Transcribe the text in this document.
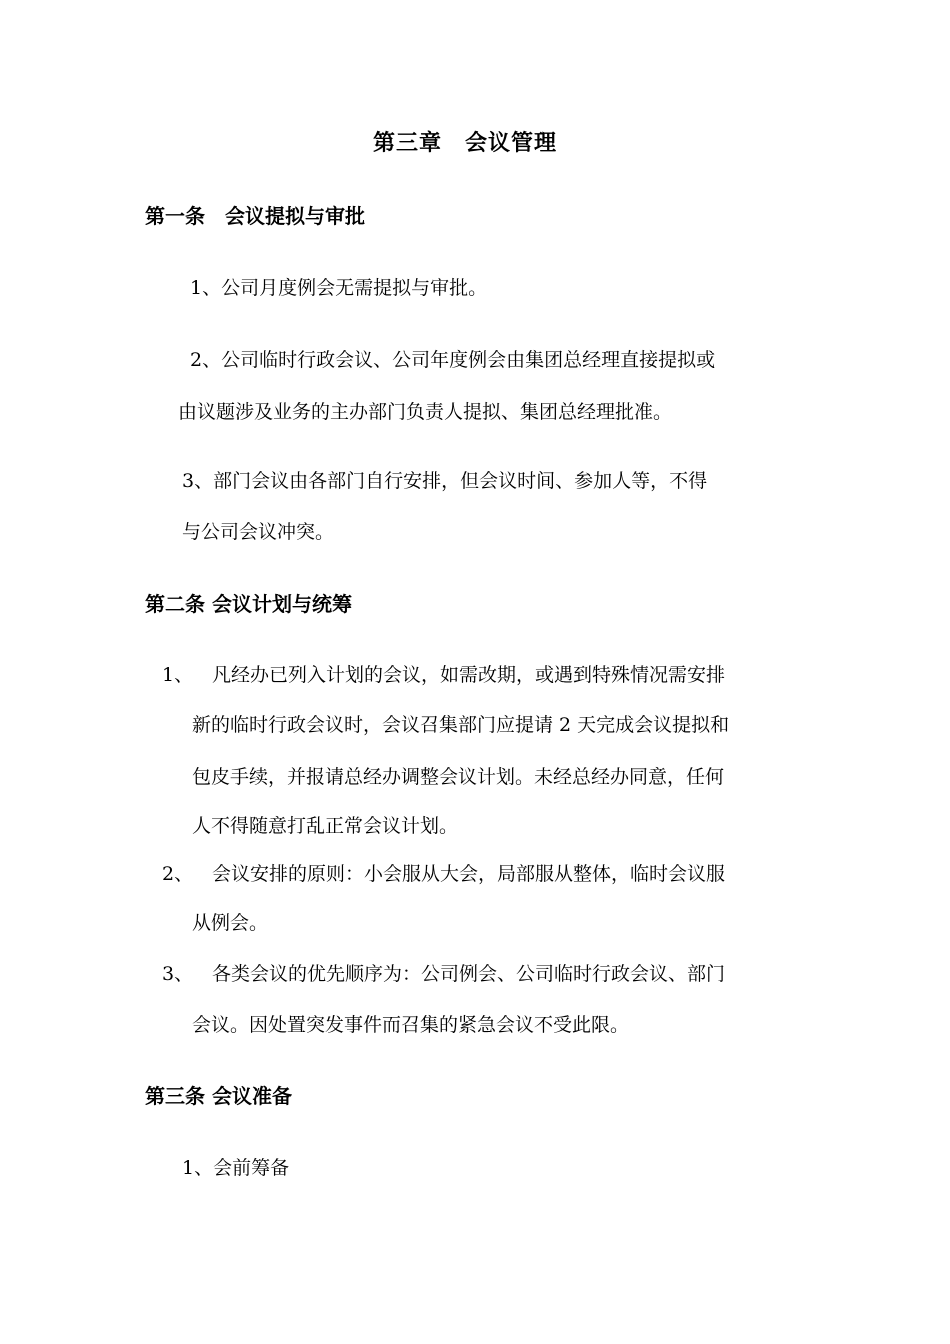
第三章　会议管理
第一条　会议提拟与审批
1、公司月度例会无需提拟与审批。
2、公司临时行政会议、公司年度例会由集团总经理直接提拟或
由议题涉及业务的主办部门负责人提拟、集团总经理批准。
3、部门会议由各部门自行安排，但会议时间、参加人等，不得
与公司会议冲突。
第二条 会议计划与统筹
1、 凡经办已列入计划的会议，如需改期，或遇到特殊情况需安排
新的临时行政会议时，会议召集部门应提请 2 天完成会议提拟和
包皮手续，并报请总经办调整会议计划。未经总经办同意，任何
人不得随意打乱正常会议计划。
2、 会议安排的原则：小会服从大会，局部服从整体，临时会议服
从例会。
3、 各类会议的优先顺序为：公司例会、公司临时行政会议、部门
会议。因处置突发事件而召集的紧急会议不受此限。
第三条 会议准备
1、会前筹备
